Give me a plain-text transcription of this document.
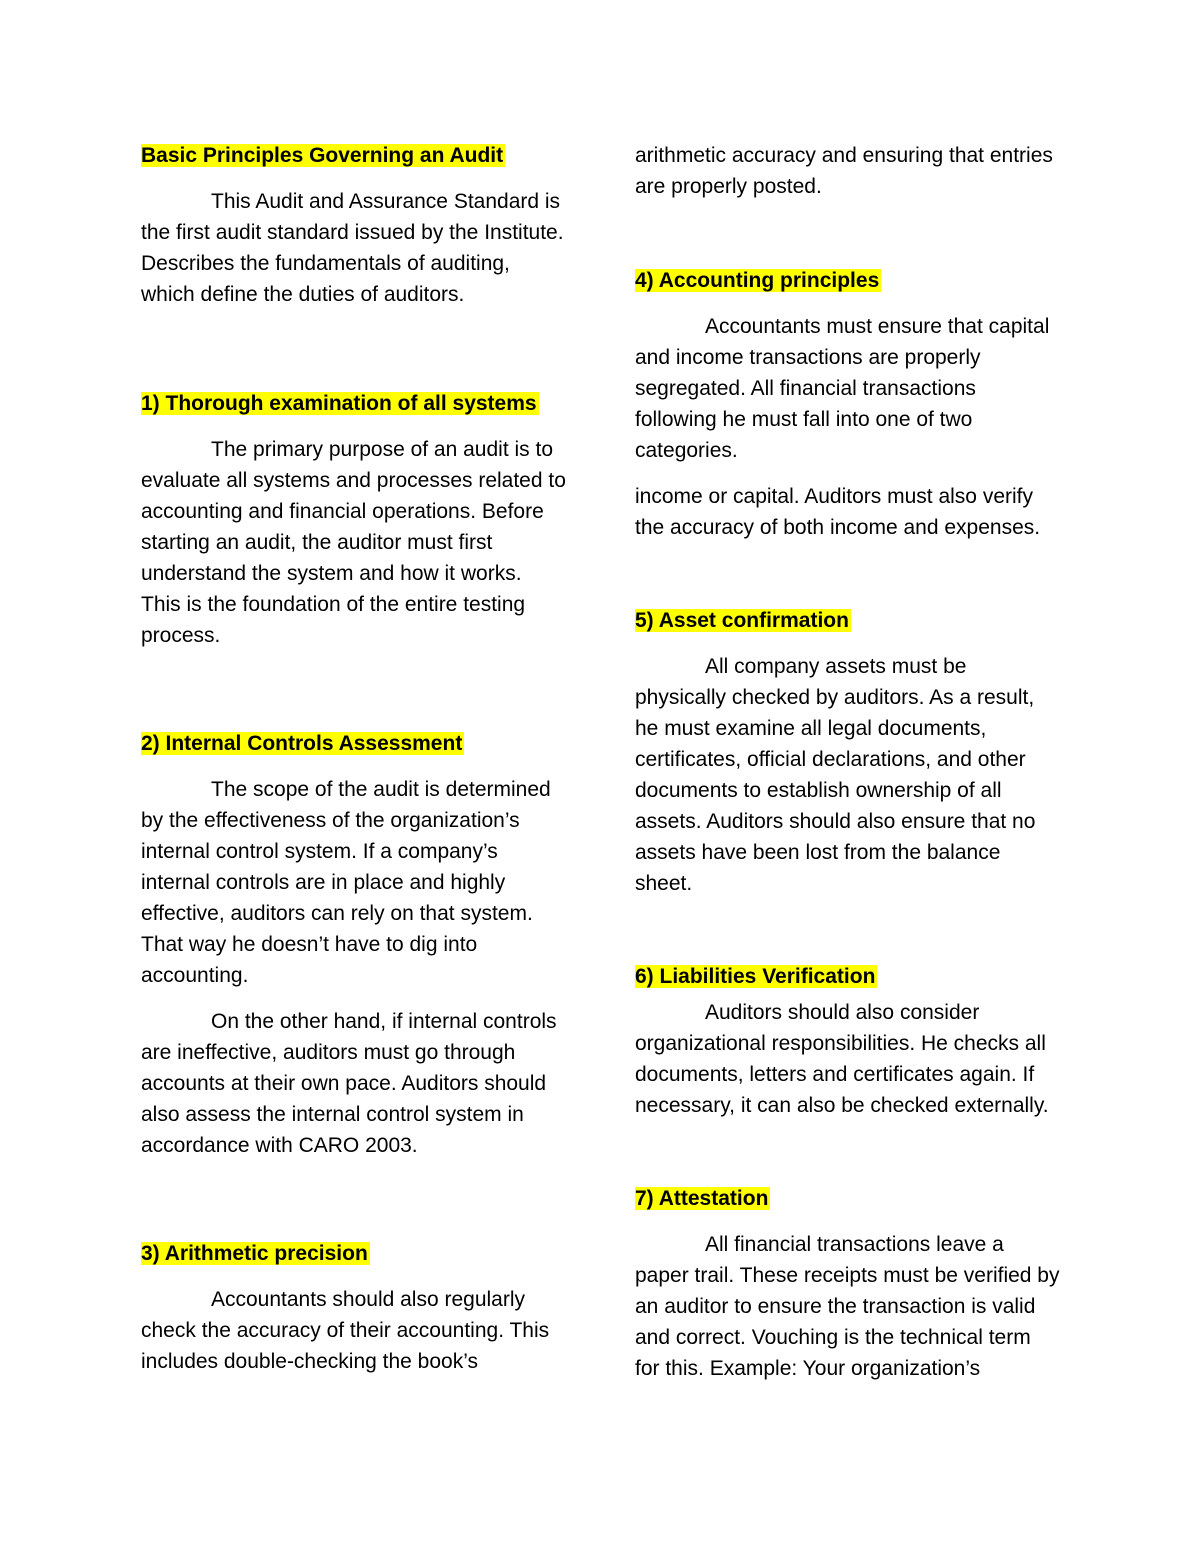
Basic Principles Governing an Audit

This Audit and Assurance Standard is the first audit standard issued by the Institute. Describes the fundamentals of auditing, which define the duties of auditors.

1) Thorough examination of all systems

The primary purpose of an audit is to evaluate all systems and processes related to accounting and financial operations. Before starting an audit, the auditor must first understand the system and how it works. This is the foundation of the entire testing process.

2) Internal Controls Assessment

The scope of the audit is determined by the effectiveness of the organization’s internal control system. If a company’s internal controls are in place and highly effective, auditors can rely on that system. That way he doesn’t have to dig into accounting.

On the other hand, if internal controls are ineffective, auditors must go through accounts at their own pace. Auditors should also assess the internal control system in accordance with CARO 2003.

3) Arithmetic precision

Accountants should also regularly check the accuracy of their accounting. This includes double-checking the book’s

arithmetic accuracy and ensuring that entries are properly posted.

4) Accounting principles

Accountants must ensure that capital and income transactions are properly segregated. All financial transactions following he must fall into one of two categories.

income or capital. Auditors must also verify the accuracy of both income and expenses.

5) Asset confirmation

All company assets must be physically checked by auditors. As a result, he must examine all legal documents, certificates, official declarations, and other documents to establish ownership of all assets. Auditors should also ensure that no assets have been lost from the balance sheet.

6) Liabilities Verification

Auditors should also consider organizational responsibilities. He checks all documents, letters and certificates again. If necessary, it can also be checked externally.

7) Attestation

All financial transactions leave a paper trail. These receipts must be verified by an auditor to ensure the transaction is valid and correct. Vouching is the technical term for this. Example: Your organization’s
